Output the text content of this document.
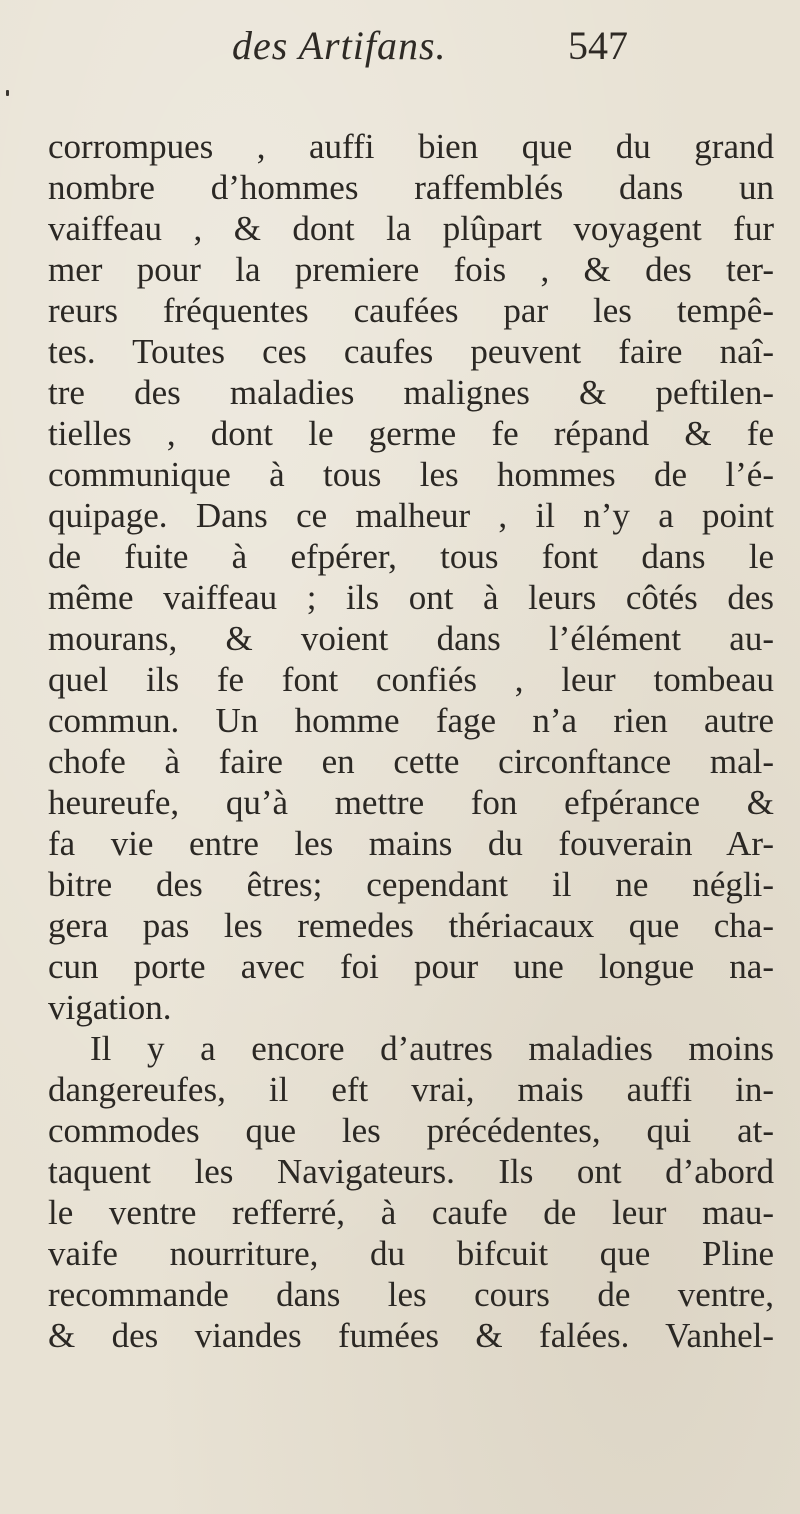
des Artifans.	547
corrompues , auffi bien que du grand
nombre d’hommes raffemblés dans un
vaiffeau , & dont la plûpart voyagent fur
mer pour la premiere fois , & des ter-
reurs fréquentes caufées par les tempê-
tes. Toutes ces caufes peuvent faire naî-
tre des maladies malignes & peftilen-
tielles , dont le germe fe répand & fe
communique à tous les hommes de l’é-
quipage. Dans ce malheur , il n’y a point
de fuite à efpérer, tous font dans le
même vaiffeau ; ils ont à leurs côtés des
mourans, & voient dans l’élément au-
quel ils fe font confiés , leur tombeau
commun. Un homme fage n’a rien autre
chofe à faire en cette circonftance mal-
heureufe, qu’à mettre fon efpérance &
fa vie entre les mains du fouverain Ar-
bitre des êtres; cependant il ne négli-
gera pas les remedes thériacaux que cha-
cun porte avec foi pour une longue na-
vigation.
Il y a encore d’autres maladies moins
dangereufes, il eft vrai, mais auffi in-
commodes que les précédentes, qui at-
taquent les Navigateurs. Ils ont d’abord
le ventre refferré, à caufe de leur mau-
vaife nourriture, du bifcuit que Pline
recommande dans les cours de ventre,
& des viandes fumées & falées. Vanhel-
